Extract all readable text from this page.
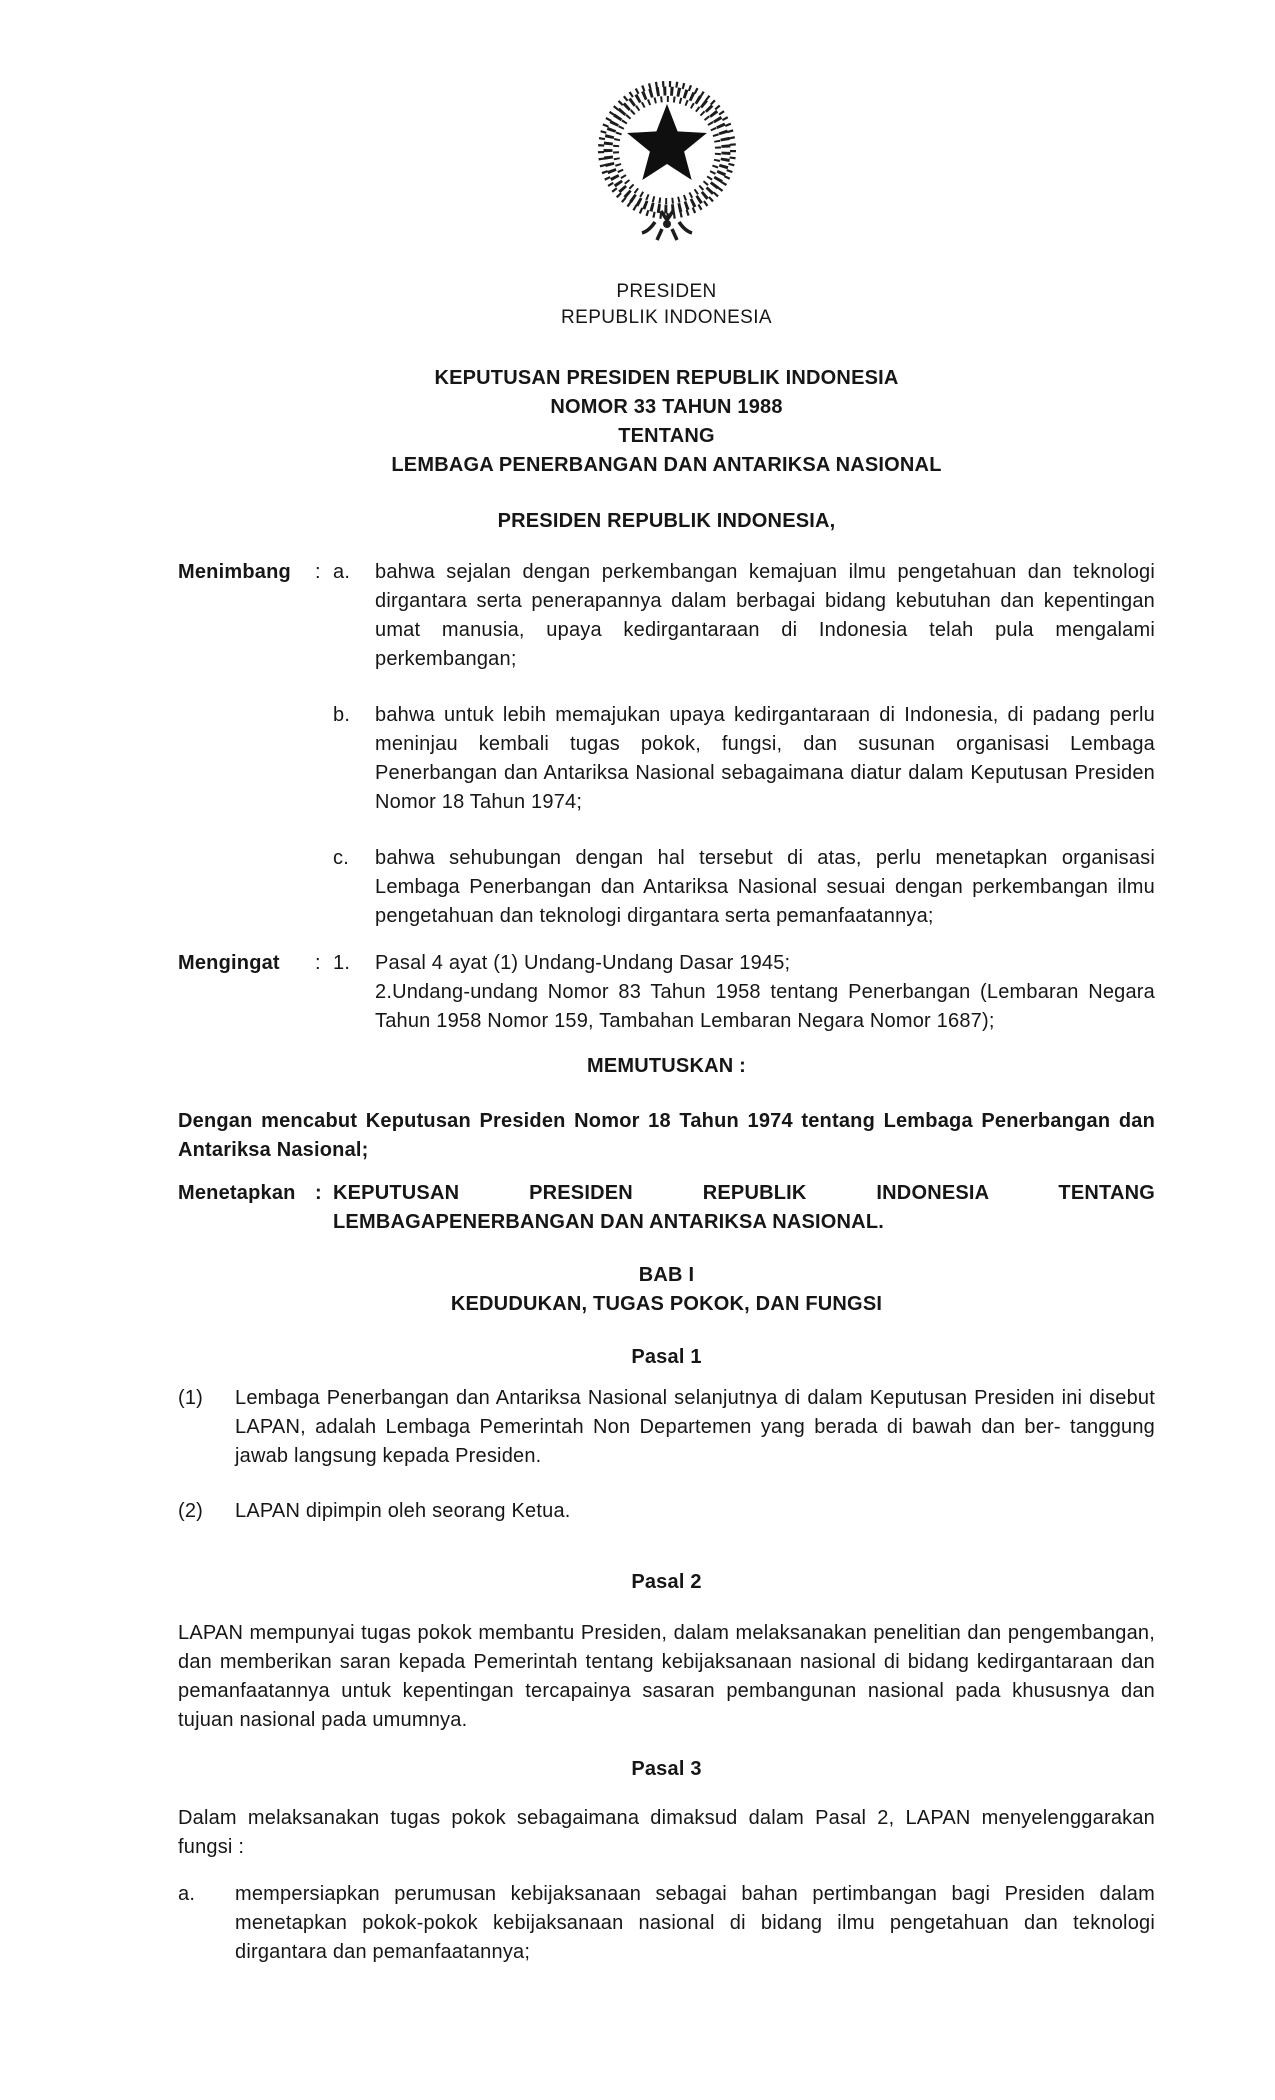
PRESIDEN
REPUBLIK INDONESIA
KEPUTUSAN PRESIDEN REPUBLIK INDONESIA
NOMOR 33 TAHUN 1988
TENTANG
LEMBAGA PENERBANGAN DAN ANTARIKSA NASIONAL
PRESIDEN REPUBLIK INDONESIA,
Menimbang	: a.	bahwa sejalan dengan perkembangan kemajuan ilmu pengetahuan dan teknologi dirgantara serta penerapannya dalam berbagai bidang kebutuhan dan kepentingan umat manusia, upaya kedirgantaraan di Indonesia telah pula mengalami perkembangan;
b.	bahwa untuk lebih memajukan upaya kedirgantaraan di Indonesia, di padang perlu meninjau kembali tugas pokok, fungsi, dan susunan organisasi Lembaga Penerbangan dan Antariksa Nasional sebagaimana diatur dalam Keputusan Presiden Nomor 18 Tahun 1974;
c.	bahwa sehubungan dengan hal tersebut di atas, perlu menetapkan organisasi Lembaga Penerbangan dan Antariksa Nasional sesuai dengan perkembangan ilmu pengetahuan dan teknologi dirgantara serta pemanfaatannya;
Mengingat	: 1.	Pasal 4 ayat (1) Undang-Undang Dasar 1945;
2.Undang-undang Nomor 83 Tahun 1958 tentang Penerbangan (Lembaran Negara Tahun 1958 Nomor 159, Tambahan Lembaran Negara Nomor 1687);
MEMUTUSKAN :
Dengan mencabut Keputusan Presiden Nomor 18 Tahun 1974 tentang Lembaga Penerbangan dan Antariksa Nasional;
Menetapkan : KEPUTUSAN PRESIDEN REPUBLIK INDONESIA TENTANG LEMBAGAPENERBANGAN DAN ANTARIKSA NASIONAL.
BAB I
KEDUDUKAN, TUGAS POKOK, DAN FUNGSI
Pasal 1
(1)	Lembaga Penerbangan dan Antariksa Nasional selanjutnya di dalam Keputusan Presiden ini disebut LAPAN, adalah Lembaga Pemerintah Non Departemen yang berada di bawah dan ber- tanggung jawab langsung kepada Presiden.
(2)	LAPAN dipimpin oleh seorang Ketua.
Pasal 2
LAPAN mempunyai tugas pokok membantu Presiden, dalam melaksanakan penelitian dan pengembangan, dan memberikan saran kepada Pemerintah tentang kebijaksanaan nasional di bidang kedirgantaraan dan pemanfaatannya untuk kepentingan tercapainya sasaran pembangunan nasional pada khususnya dan tujuan nasional pada umumnya.
Pasal 3
Dalam melaksanakan tugas pokok sebagaimana dimaksud dalam Pasal 2, LAPAN menyelenggarakan fungsi :
a.	mempersiapkan perumusan kebijaksanaan sebagai bahan pertimbangan bagi Presiden dalam menetapkan pokok-pokok kebijaksanaan nasional di bidang ilmu pengetahuan dan teknologi dirgantara dan pemanfaatannya;
